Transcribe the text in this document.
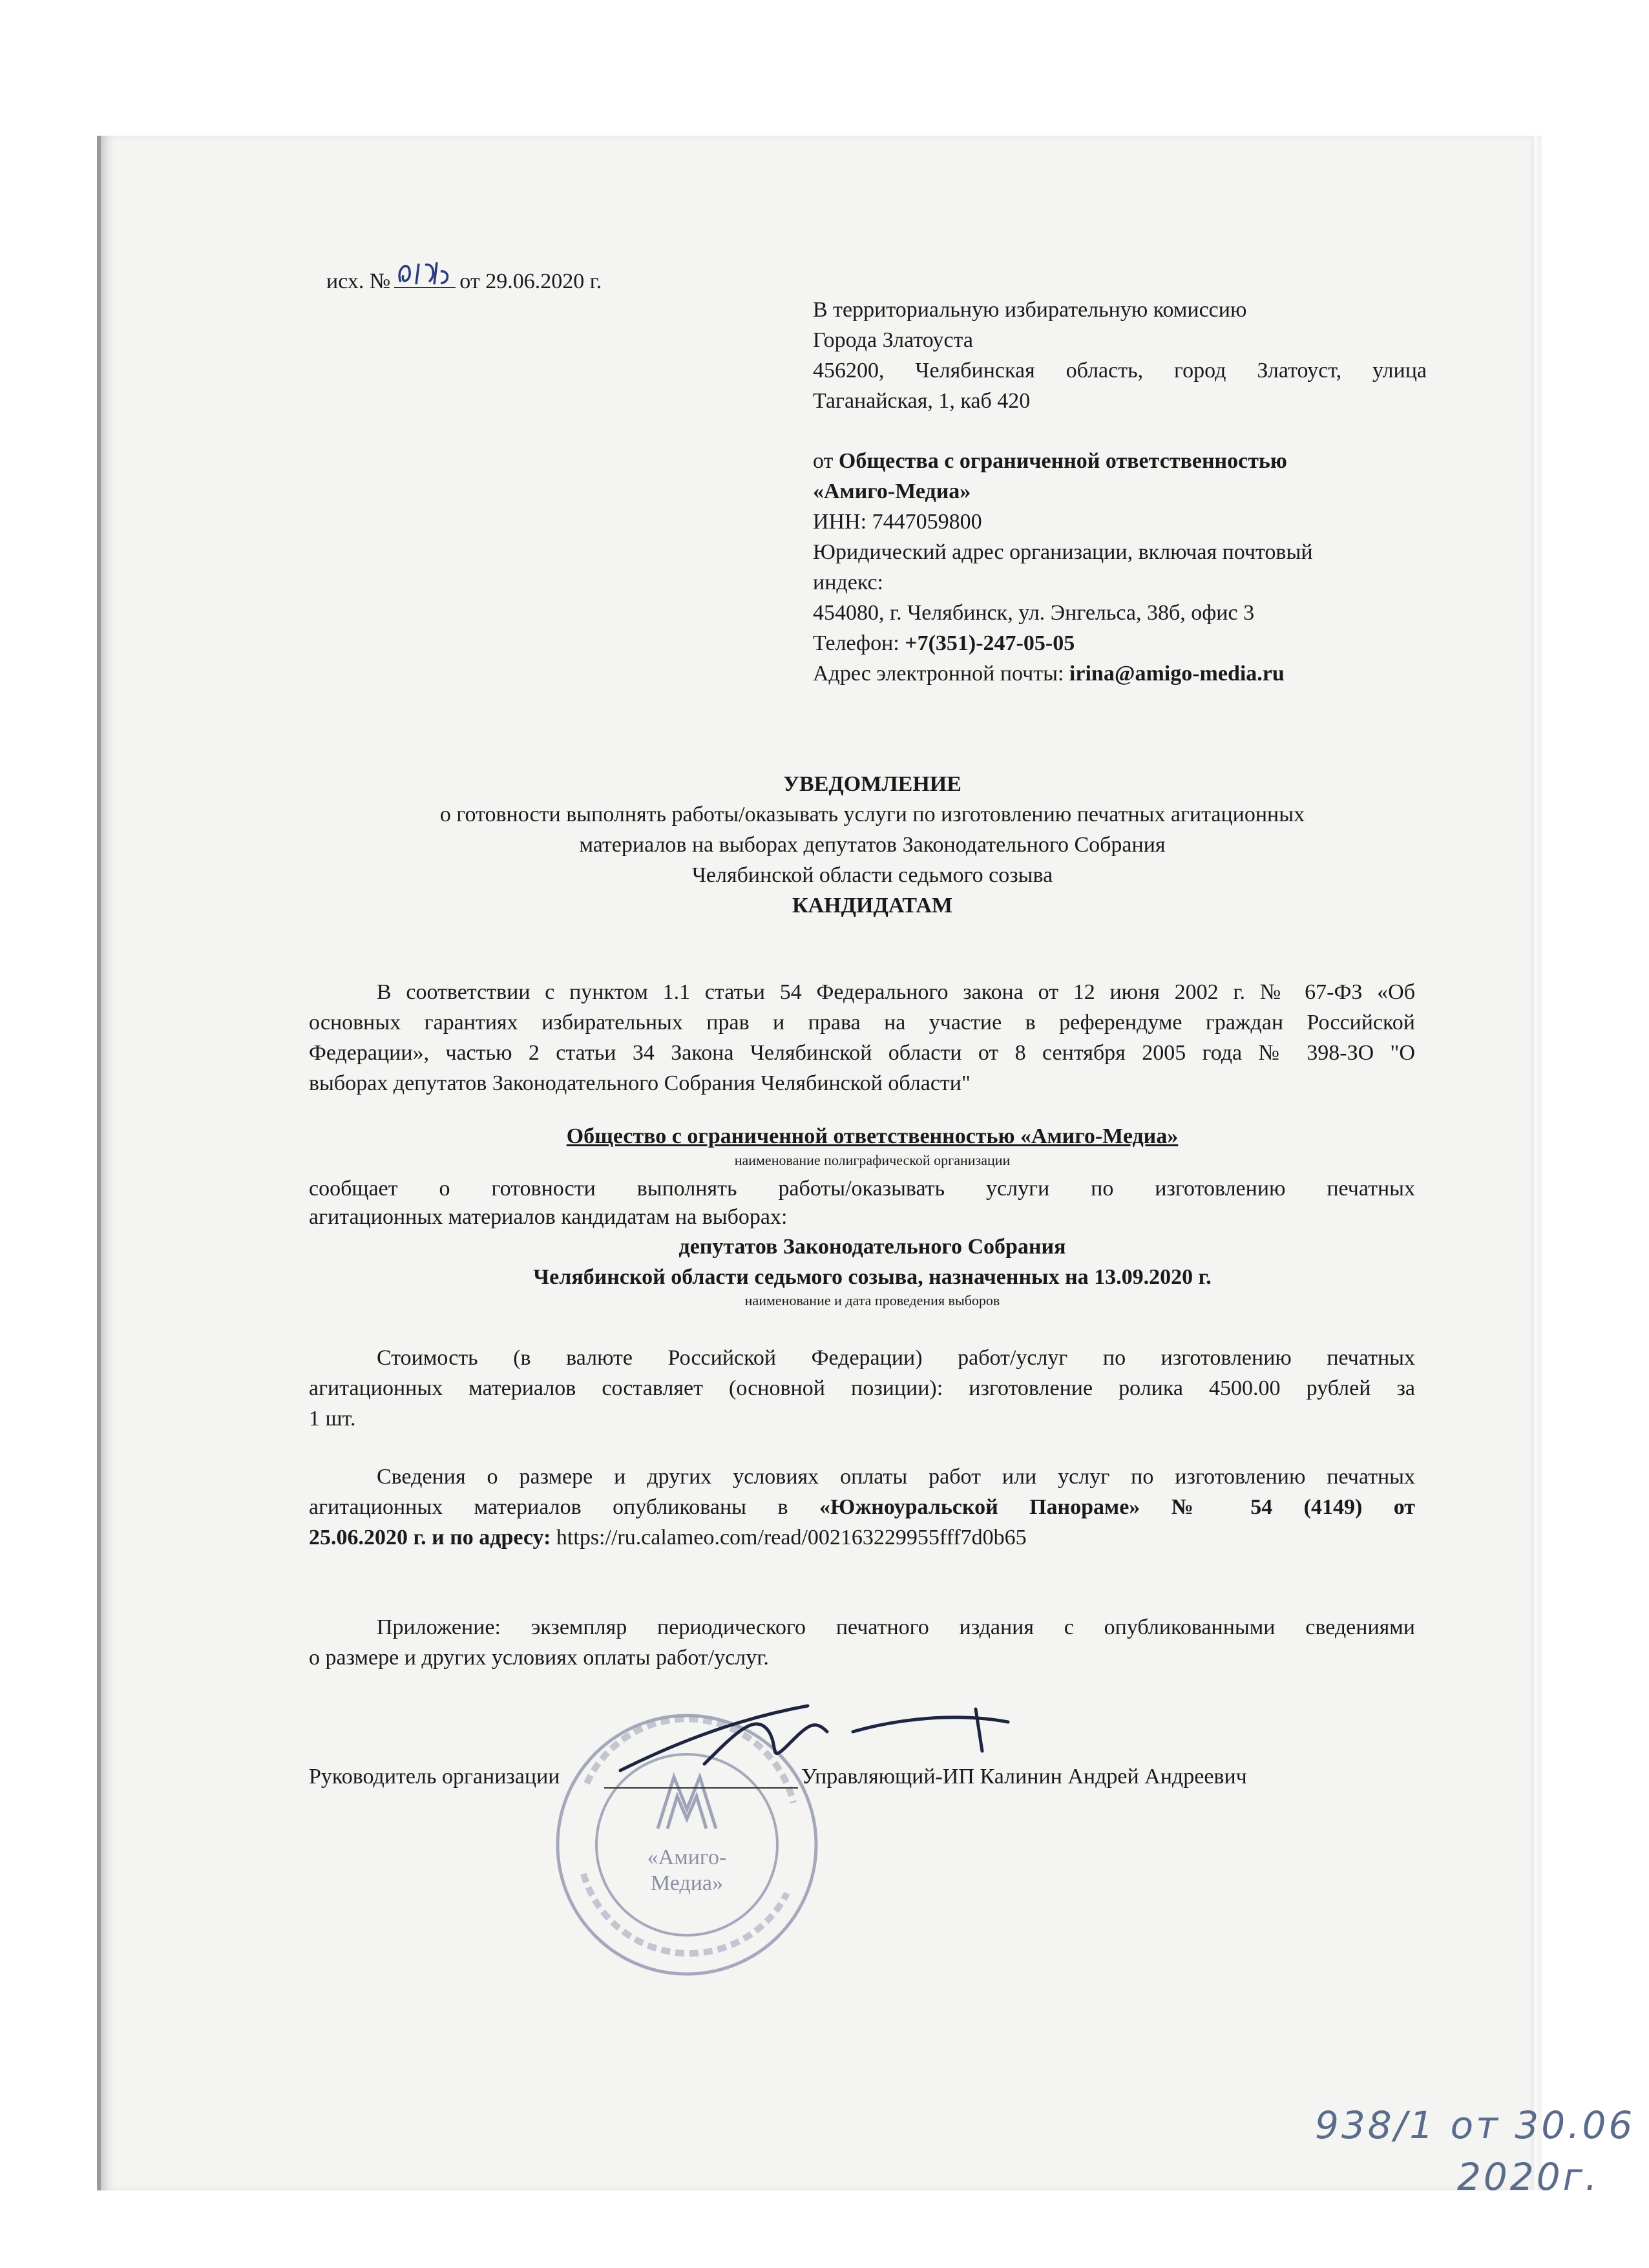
исх. №	от 29.06.2020 г.
В территориальную избирательную комиссию
Города Златоуста
456200, Челябинская область, город Златоуст, улица
Таганайская, 1, каб 420
от Общества с ограниченной ответственностью
«Амиго-Медиа»
ИНН: 7447059800
Юридический адрес организации, включая почтовый
индекс:
454080, г. Челябинск, ул. Энгельса, 38б, офис 3
Телефон: +7(351)-247-05-05
Адрес электронной почты: irina@amigo-media.ru
УВЕДОМЛЕНИЕ
о готовности выполнять работы/оказывать услуги по изготовлению печатных агитационных
материалов на выборах депутатов Законодательного Собрания
Челябинской области седьмого созыва
КАНДИДАТАМ
В соответствии с пунктом 1.1 статьи 54 Федерального закона от 12 июня 2002 г. № 67-ФЗ «Об
основных гарантиях избирательных прав и права на участие в референдуме граждан Российской
Федерации», частью 2 статьи 34 Закона Челябинской области от 8 сентября 2005 года № 398-ЗО "О
выборах депутатов Законодательного Собрания Челябинской области"
Общество с ограниченной ответственностью «Амиго-Медиа»
наименование полиграфической организации
сообщает о готовности выполнять работы/оказывать услуги по изготовлению печатных
агитационных материалов кандидатам на выборах:
депутатов Законодательного Собрания
Челябинской области седьмого созыва, назначенных на 13.09.2020 г.
наименование и дата проведения выборов
Стоимость (в валюте Российской Федерации) работ/услуг по изготовлению печатных
агитационных материалов составляет (основной позиции): изготовление ролика 4500.00 рублей за
1 шт.
Сведения о размере и других условиях оплаты работ или услуг по изготовлению печатных
агитационных материалов опубликованы в «Южноуральской Панораме» № 54 (4149) от
25.06.2020 г. и по адресу: https://ru.calameo.com/read/002163229955fff7d0b65
Приложение: экземпляр периодического печатного издания с опубликованными сведениями
о размере и других условиях оплаты работ/услуг.
«Амиго-
Медиа»
Руководитель организации	Управляющий-ИП Калинин Андрей Андреевич
938/1 от 30.06
2020г.
